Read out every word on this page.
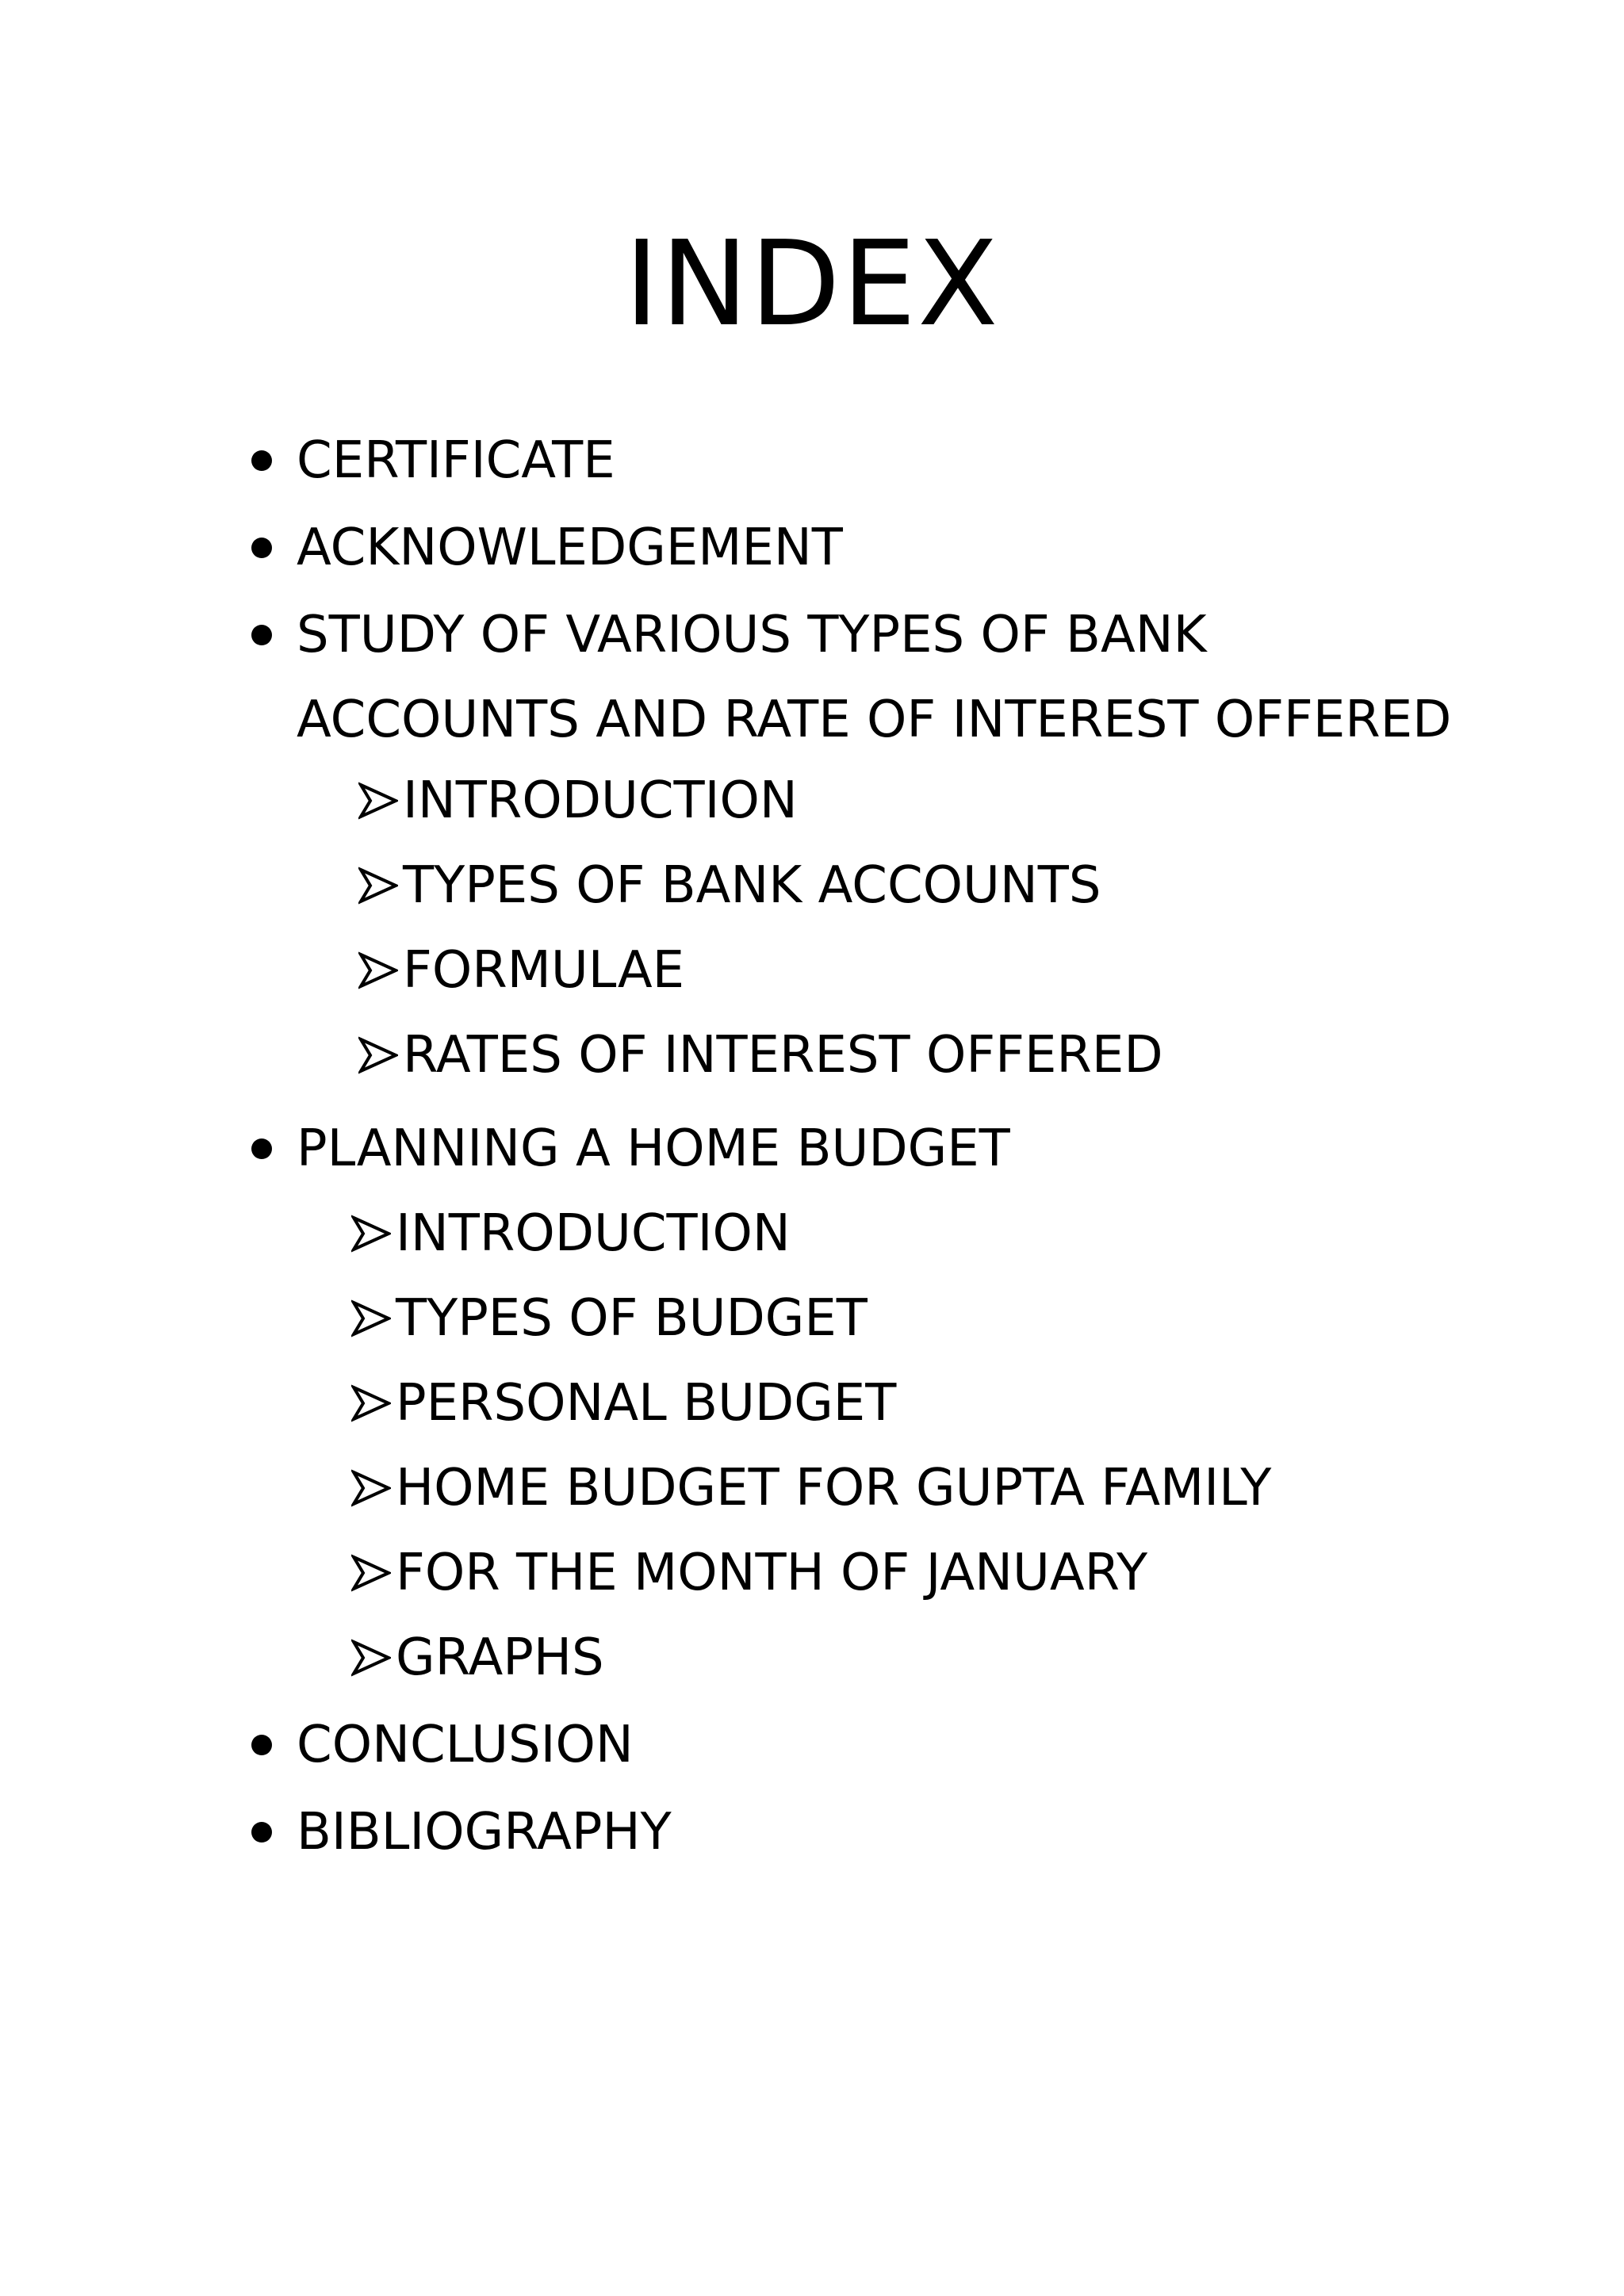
INDEX
CERTIFICATE
ACKNOWLEDGEMENT
STUDY OF VARIOUS TYPES OF BANK
ACCOUNTS AND RATE OF INTEREST OFFERED
INTRODUCTION
TYPES OF BANK ACCOUNTS
FORMULAE
RATES OF INTEREST OFFERED
PLANNING A HOME BUDGET
INTRODUCTION
TYPES OF BUDGET
PERSONAL BUDGET
HOME BUDGET FOR GUPTA FAMILY
FOR THE MONTH OF JANUARY
GRAPHS
CONCLUSION
BIBLIOGRAPHY
